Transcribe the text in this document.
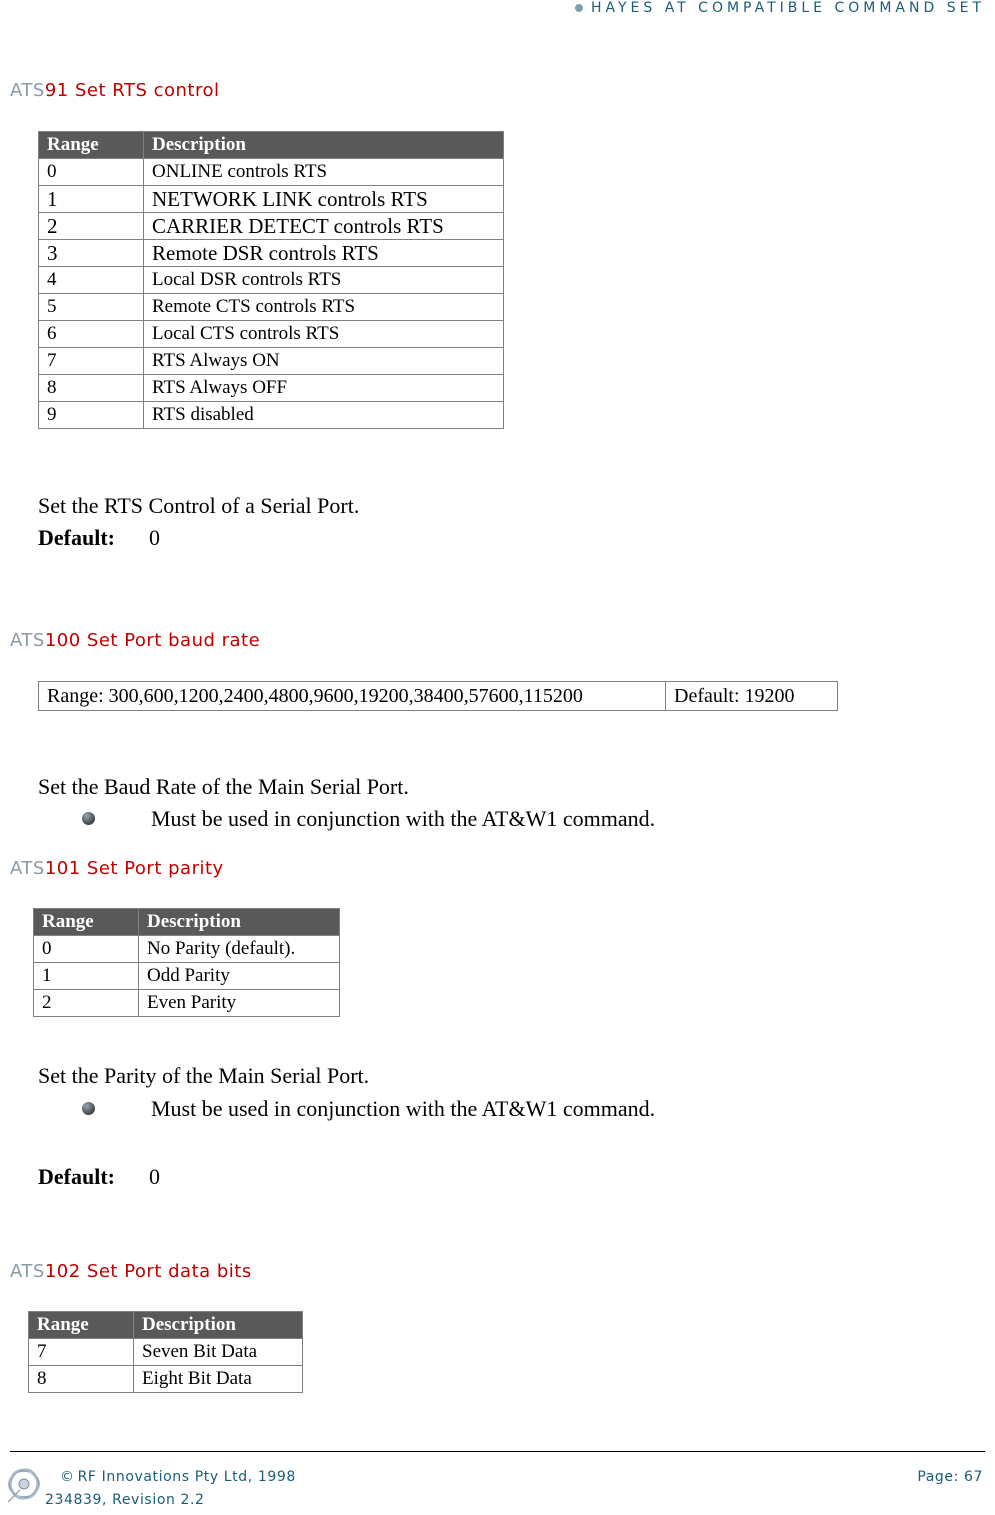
HAYES AT COMPATIBLE COMMAND SET
ATS91 Set RTS control
Range	Description
0	ONLINE controls RTS
1	NETWORK LINK controls RTS
2	CARRIER DETECT controls RTS
3	Remote DSR controls RTS
4	Local DSR controls RTS
5	Remote CTS controls RTS
6	Local CTS controls RTS
7	RTS Always ON
8	RTS Always OFF
9	RTS disabled
Set the RTS Control of a Serial Port.
Default: 0
ATS100 Set Port baud rate
Range: 300,600,1200,2400,4800,9600,19200,38400,57600,115200	Default: 19200
Set the Baud Rate of the Main Serial Port.
Must be used in conjunction with the AT&W1 command.
ATS101 Set Port parity
Range	Description
0	No Parity (default).
1	Odd Parity
2	Even Parity
Set the Parity of the Main Serial Port.
Must be used in conjunction with the AT&W1 command.
Default: 0
ATS102 Set Port data bits
Range	Description
7	Seven Bit Data
8	Eight Bit Data
© RF Innovations Pty Ltd, 1998
234839, Revision 2.2
Page: 67
